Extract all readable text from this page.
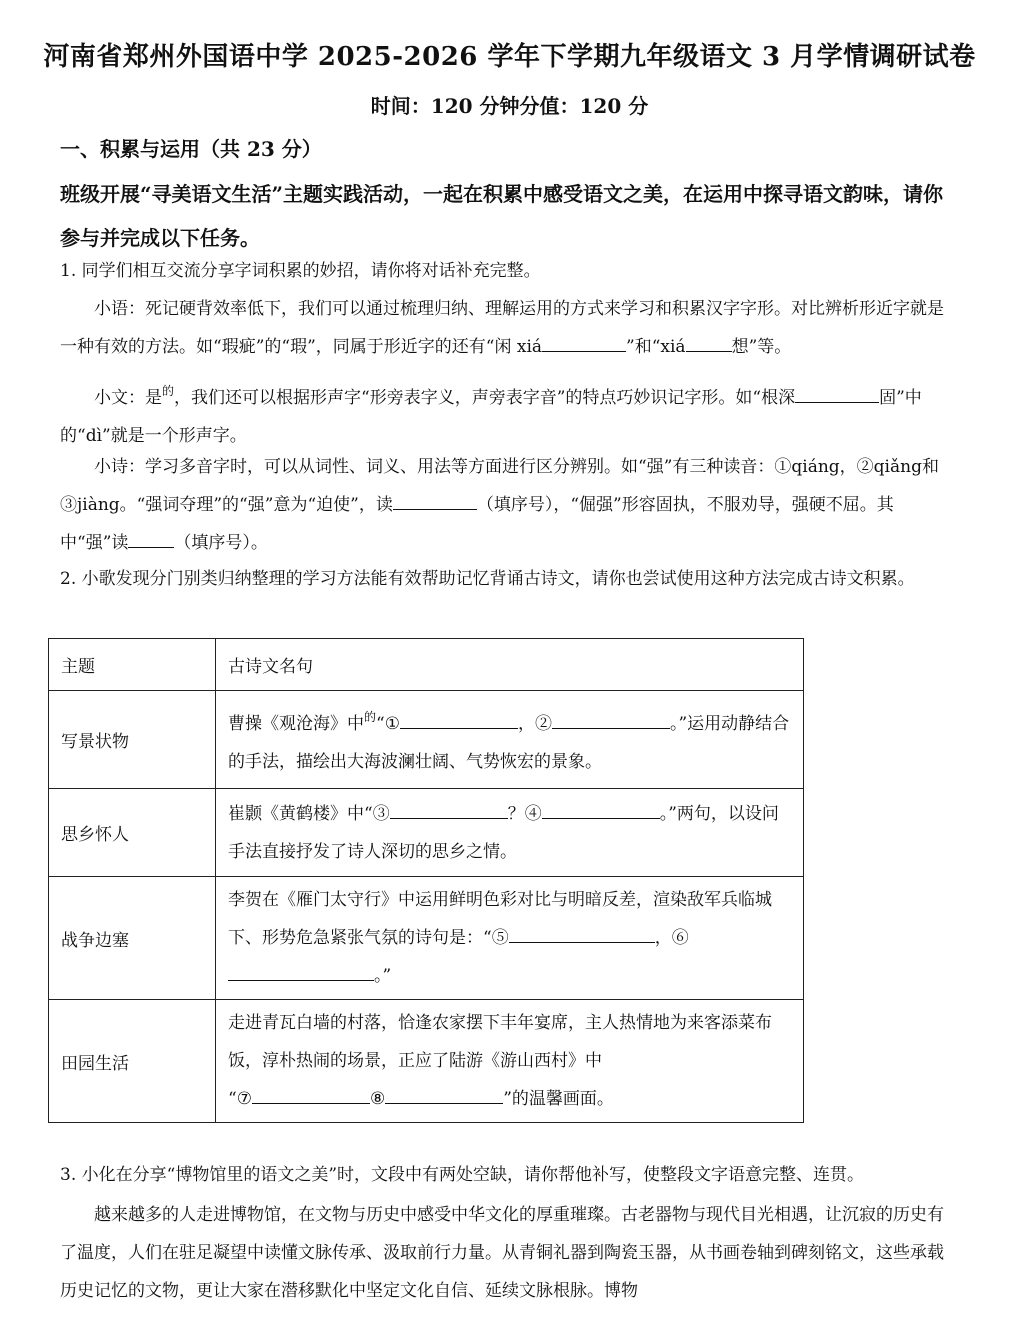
河南省郑州外国语中学 2025-2026 学年下学期九年级语文 3 月学情调研试卷
时间：120 分钟分值：120 分
一、积累与运用（共 23 分）
班级开展“寻美语文生活”主题实践活动，一起在积累中感受语文之美，在运用中探寻语文韵味，请你参与并完成以下任务。
1. 同学们相互交流分享字词积累的妙招，请你将对话补充完整。
小语：死记硬背效率低下，我们可以通过梳理归纳、理解运用的方式来学习和积累汉字字形。对比辨析形近字就是一种有效的方法。如“瑕疵”的“瑕”，同属于形近字的还有“闲 xiá	”和“xiá	想”等。
小文：是$^的$，我们还可以根据形声字“形旁表字义，声旁表字音”的特点巧妙识记字形。如“根深	固”中的“dì”就是一个形声字。
小诗：学习多音字时，可以从词性、词义、用法等方面进行区分辨别。如“强”有三种读音：①qiáng，②qiǎng和③jiàng。“强词夺理”的“强”意为“迫使”，读	（填序号），“倔强”形容固执，不服劝导，强硬不屈。其中“强”读	（填序号）。
2. 小歌发现分门别类归纳整理的学习方法能有效帮助记忆背诵古诗文，请你也尝试使用这种方法完成古诗文积累。
主题	古诗文名句
写景状物	曹操《观沧海》中$^的$“① ，② 。”运用动静结合的手法，描绘出大海波澜壮阔、气势恢宏的景象。
思乡怀人	崔颢《黄鹤楼》中“③ ？④ 。”两句，以设问手法直接抒发了诗人深切的思乡之情。
战争边塞	李贺在《雁门太守行》中运用鲜明色彩对比与明暗反差，渲染敌军兵临城下、形势危急紧张气氛的诗句是：“⑤ ，⑥。”
田园生活	走进青瓦白墙的村落，恰逢农家摆下丰年宴席，主人热情地为来客添菜布饭，淳朴热闹的场景，正应了陆游《游山西村》中
“⑦ ⑧ ”的温馨画面。
3. 小化在分享“博物馆里的语文之美”时，文段中有两处空缺，请你帮他补写，使整段文字语意完整、连贯。
越来越多的人走进博物馆，在文物与历史中感受中华文化的厚重璀璨。古老器物与现代目光相遇，让沉寂的历史有了温度，人们在驻足凝望中读懂文脉传承、汲取前行力量。从青铜礼器到陶瓷玉器，从书画卷轴到碑刻铭文，这些承载历史记忆的文物，更让大家在潜移默化中坚定文化自信、延续文脉根脉。博物
